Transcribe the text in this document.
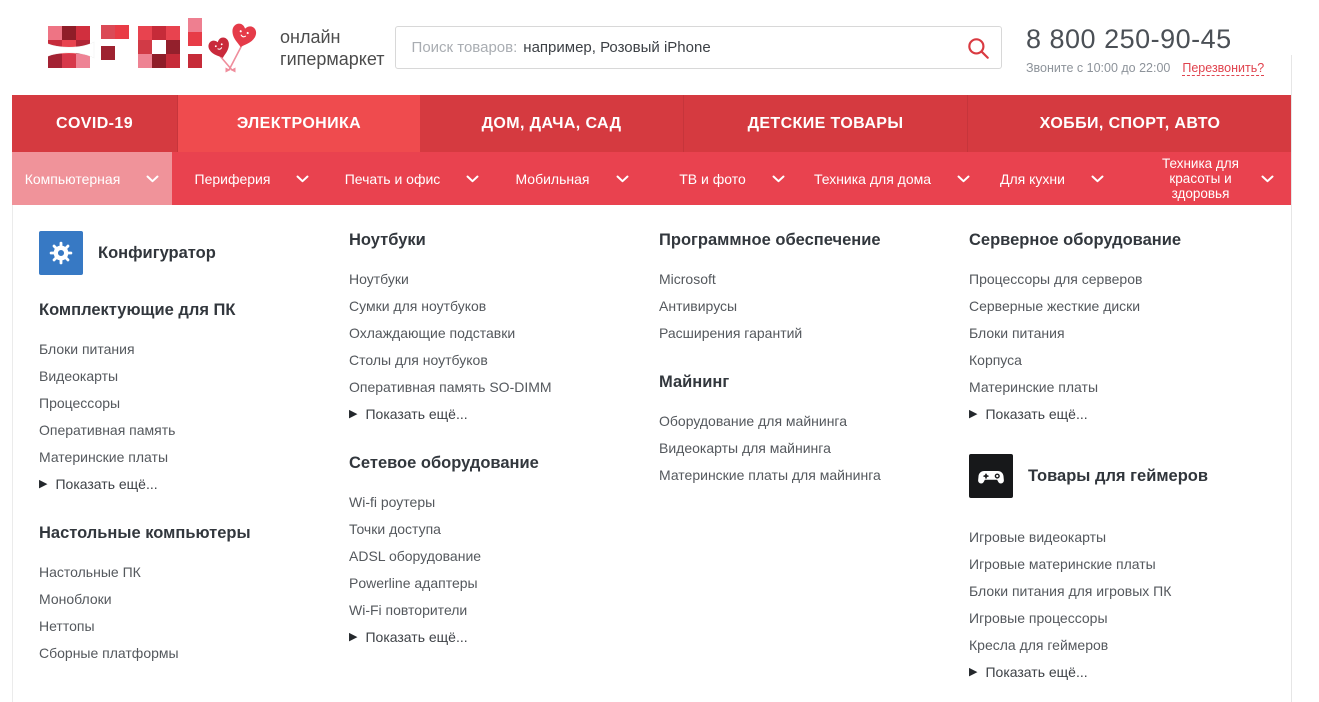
онлайн
гипермаркет
Поиск товаров: например, Розовый iPhone	8 800 250-90-45
Звоните с 10:00 до 22:00 Перезвонить?
COVID-19	ЭЛЕКТРОНИКА	ДОМ, ДАЧА, САД	ДЕТСКИЕ ТОВАРЫ	ХОББИ, СПОРТ, АВТО
Компьютерная	Периферия	Печать и офис	Мобильная	ТВ и фото	Техника для дома	Для кухни
Техника для красоты и здоровья
Конфигуратор
Комплектующие для ПК
Блоки питания
Видеокарты
Процессоры
Оперативная память
Материнские платы
▶ Показать ещё...
Настольные компьютеры
Настольные ПК
Моноблоки
Неттопы
Сборные платформы
Ноутбуки
Ноутбуки
Сумки для ноутбуков
Охлаждающие подставки
Столы для ноутбуков
Оперативная память SO-DIMM
▶ Показать ещё...
Сетевое оборудование
Wi-fi роутеры
Точки доступа
ADSL оборудование
Powerline адаптеры
Wi-Fi повторители
▶ Показать ещё...
Программное обеспечение
Microsoft
Антивирусы
Расширения гарантий
Майнинг
Оборудование для майнинга
Видеокарты для майнинга
Материнские платы для майнинга
Серверное оборудование
Процессоры для серверов
Серверные жесткие диски
Блоки питания
Корпуса
Материнские платы
▶ Показать ещё...
Товары для геймеров
Игровые видеокарты
Игровые материнские платы
Блоки питания для игровых ПК
Игровые процессоры
Кресла для геймеров
▶ Показать ещё...
